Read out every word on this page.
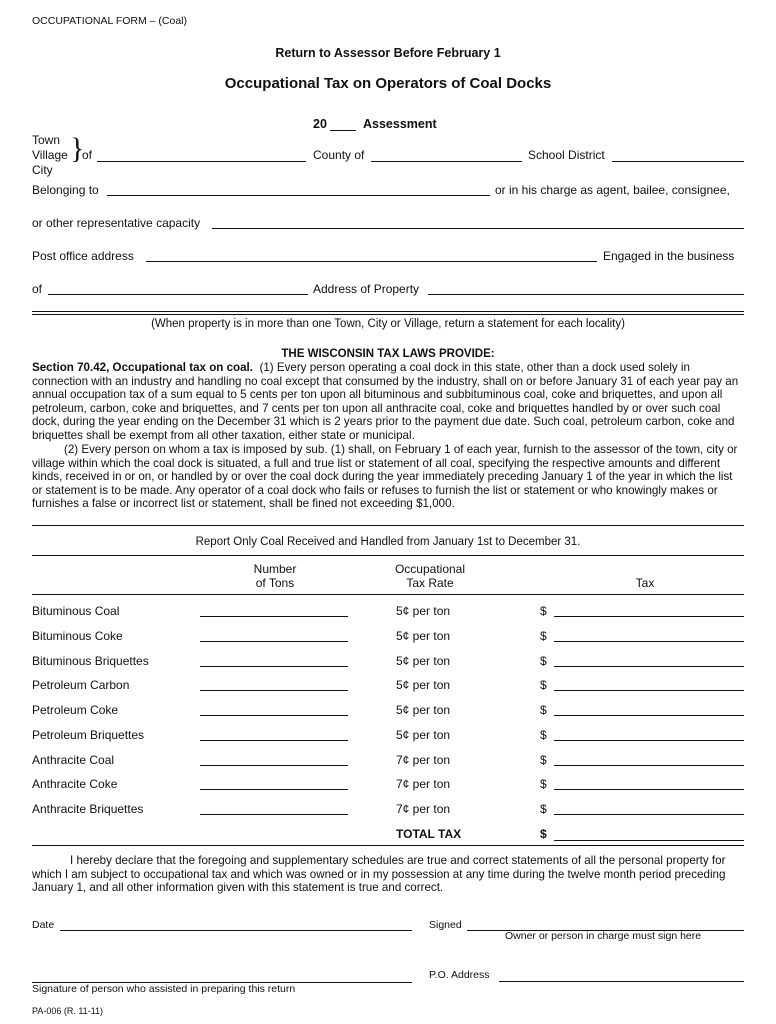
OCCUPATIONAL FORM – (Coal)
Return to Assessor Before February 1
Occupational Tax on Operators of Coal Docks
20	Assessment
Town
Village
City
}
of	County of	School District
Belonging to	or in his charge as agent, bailee, consignee,
or other representative capacity
Post office address	Engaged in the business
of	Address of Property
(When property is in more than one Town, City or Village, return a statement for each locality)
THE WISCONSIN TAX LAWS PROVIDE:
Section 70.42, Occupational tax on coal. (1) Every person operating a coal dock in this state, other than a dock used solely in connection with an industry and handling no coal except that consumed by the industry, shall on or before January 31 of each year pay an annual occupation tax of a sum equal to 5 cents per ton upon all bituminous and subbituminous coal, coke and briquettes, and upon all petroleum, carbon, coke and briquettes, and 7 cents per ton upon all anthracite coal, coke and briquettes handled by or over such coal dock, during the year ending on the December 31 which is 2 years prior to the payment due date. Such coal, petroleum carbon, coke and briquettes shall be exempt from all other taxation, either state or municipal.
(2) Every person on whom a tax is imposed by sub. (1) shall, on February 1 of each year, furnish to the assessor of the town, city or village within which the coal dock is situated, a full and true list or statement of all coal, specifying the respective amounts and different kinds, received in or on, or handled by or over the coal dock during the year immediately preceding January 1 of the year in which the list or statement is to be made. Any operator of a coal dock who fails or refuses to furnish the list or statement or who knowingly makes or furnishes a false or incorrect list or statement, shall be fined not exceeding $1,000.
Report Only Coal Received and Handled from January 1st to December 31.
Number
of Tons
Occupational
Tax Rate	Tax
Bituminous Coal	5¢ per ton	$
Bituminous Coke	5¢ per ton	$
Bituminous Briquettes	5¢ per ton	$
Petroleum Carbon	5¢ per ton	$
Petroleum Coke	5¢ per ton	$
Petroleum Briquettes	5¢ per ton	$
Anthracite Coal	7¢ per ton	$
Anthracite Coke	7¢ per ton	$
Anthracite Briquettes	7¢ per ton	$
TOTAL TAX	$
I hereby declare that the foregoing and supplementary schedules are true and correct statements of all the personal property for which I am subject to occupational tax and which was owned or in my possession at any time during the twelve month period preceding January 1, and all other information given with this statement is true and correct.
Date	Signed
Owner or person in charge must sign here
Signature of person who assisted in preparing this return
P.O. Address
PA-006 (R. 11-11)
